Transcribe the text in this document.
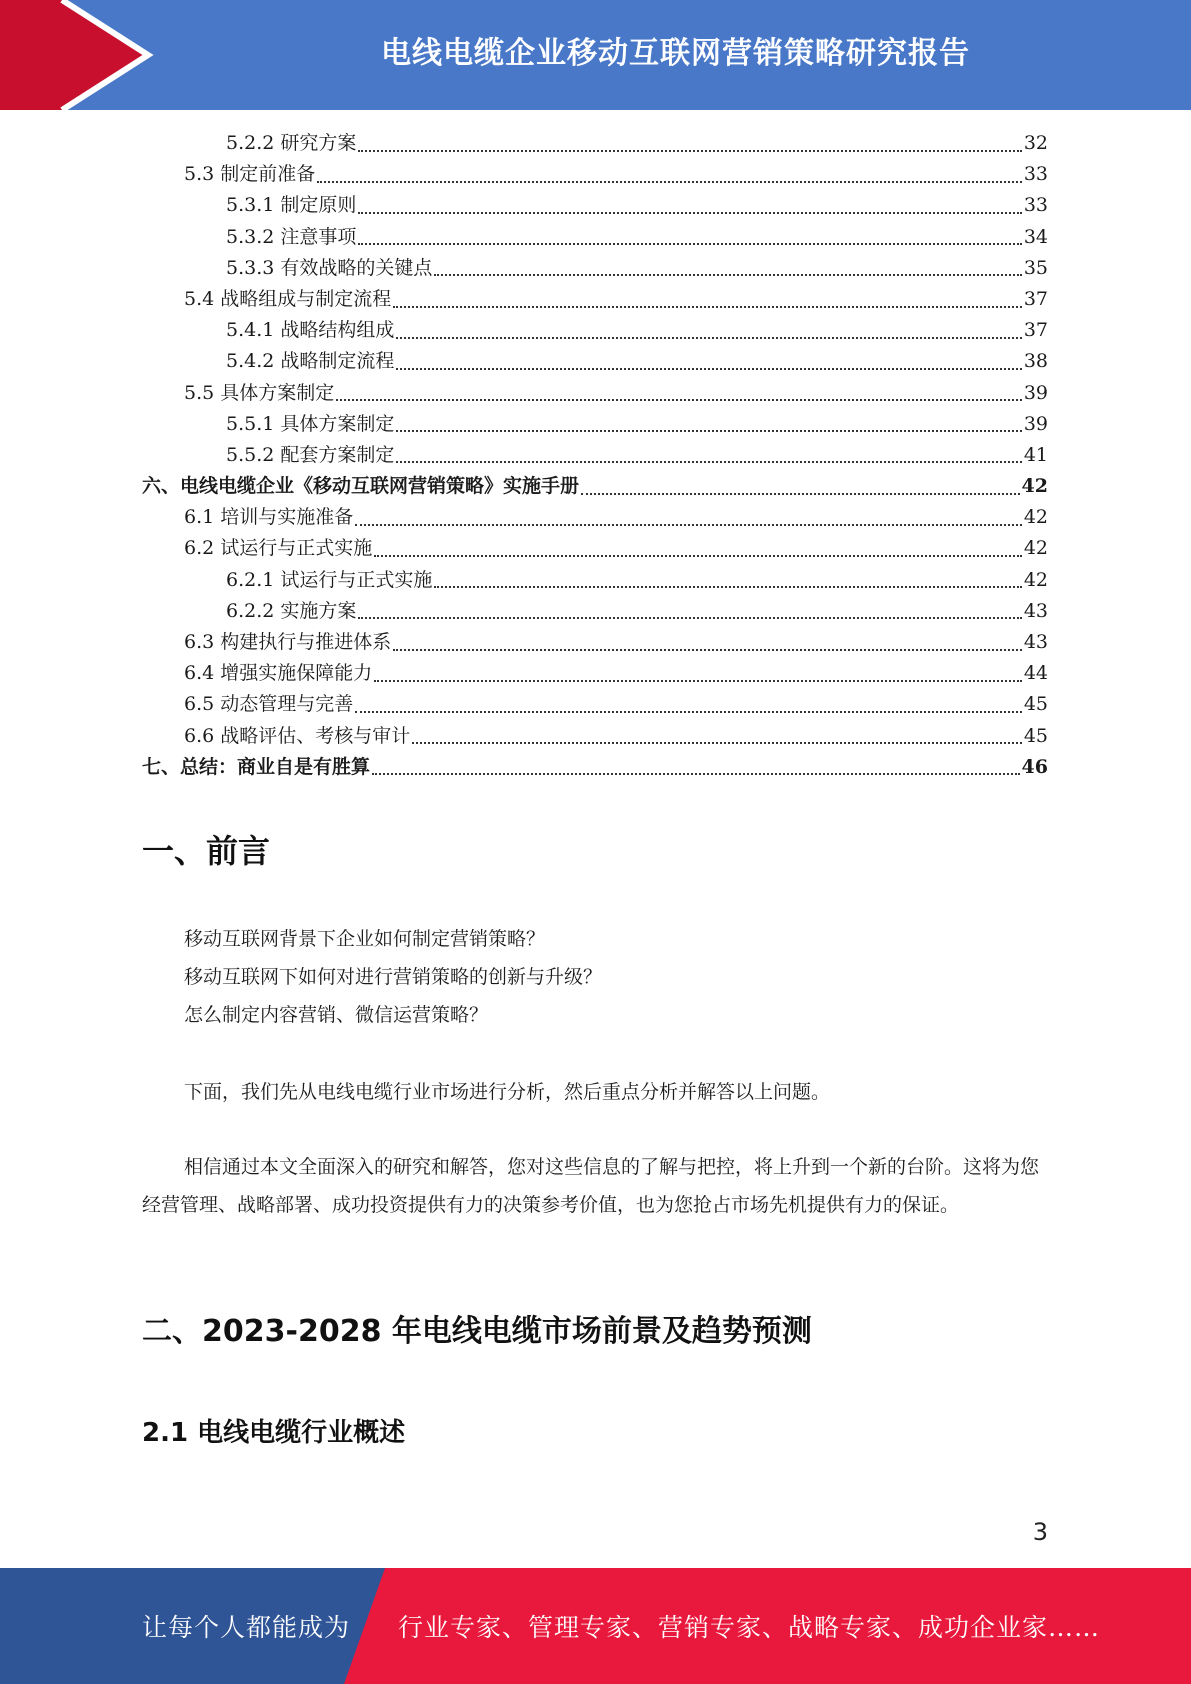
电线电缆企业移动互联网营销策略研究报告
5.2.2 研究方案	32
5.3 制定前准备	33
5.3.1 制定原则	33
5.3.2 注意事项	34
5.3.3 有效战略的关键点	35
5.4 战略组成与制定流程	37
5.4.1 战略结构组成	37
5.4.2 战略制定流程	38
5.5 具体方案制定	39
5.5.1 具体方案制定	39
5.5.2 配套方案制定	41
六、电线电缆企业《移动互联网营销策略》实施手册	42
6.1 培训与实施准备	42
6.2 试运行与正式实施	42
6.2.1 试运行与正式实施	42
6.2.2 实施方案	43
6.3 构建执行与推进体系	43
6.4 增强实施保障能力	44
6.5 动态管理与完善	45
6.6 战略评估、考核与审计	45
七、总结：商业自是有胜算	46
一、前言
移动互联网背景下企业如何制定营销策略？
移动互联网下如何对进行营销策略的创新与升级？
怎么制定内容营销、微信运营策略？
下面，我们先从电线电缆行业市场进行分析，然后重点分析并解答以上问题。
相信通过本文全面深入的研究和解答，您对这些信息的了解与把控，将上升到一个新的台阶。这将为您经营管理、战略部署、成功投资提供有力的决策参考价值，也为您抢占市场先机提供有力的保证。
二、2023-2028 年电线电缆市场前景及趋势预测
2.1 电线电缆行业概述
3
让每个人都能成为 行业专家、管理专家、营销专家、战略专家、成功企业家……
